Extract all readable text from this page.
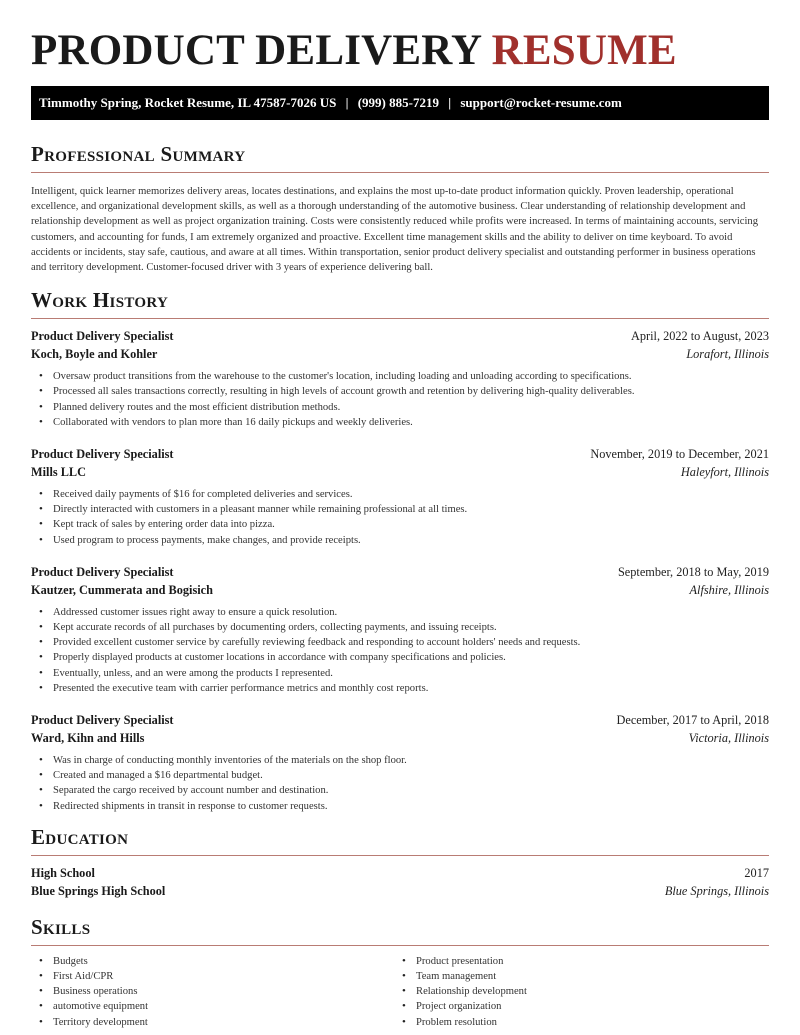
PRODUCT DELIVERY RESUME
Timmothy Spring, Rocket Resume, IL 47587-7026 US | (999) 885-7219 | support@rocket-resume.com
Professional Summary

Intelligent, quick learner memorizes delivery areas, locates destinations, and explains the most up-to-date product information quickly. Proven leadership, operational excellence, and organizational development skills, as well as a thorough understanding of the automotive business. Clear understanding of relationship development and relationship development as well as project organization training. Costs were consistently reduced while profits were increased. In terms of maintaining accounts, servicing customers, and accounting for funds, I am extremely organized and proactive. Excellent time management skills and the ability to deliver on time keyboard. To avoid accidents or incidents, stay safe, cautious, and aware at all times. Within transportation, senior product delivery specialist and outstanding performer in business operations and territory development. Customer-focused driver with 3 years of experience delivering ball.

Work History
Product Delivery Specialist	April, 2022 to August, 2023
Koch, Boyle and Kohler	Lorafort, Illinois
• Oversaw product transitions from the warehouse to the customer's location, including loading and unloading according to specifications.
• Processed all sales transactions correctly, resulting in high levels of account growth and retention by delivering high-quality deliverables.
• Planned delivery routes and the most efficient distribution methods.
• Collaborated with vendors to plan more than 16 daily pickups and weekly deliveries.
Product Delivery Specialist	November, 2019 to December, 2021
Mills LLC	Haleyfort, Illinois
• Received daily payments of $16 for completed deliveries and services.
• Directly interacted with customers in a pleasant manner while remaining professional at all times.
• Kept track of sales by entering order data into pizza.
• Used program to process payments, make changes, and provide receipts.
Product Delivery Specialist	September, 2018 to May, 2019
Kautzer, Cummerata and Bogisich	Alfshire, Illinois
• Addressed customer issues right away to ensure a quick resolution.
• Kept accurate records of all purchases by documenting orders, collecting payments, and issuing receipts.
• Provided excellent customer service by carefully reviewing feedback and responding to account holders' needs and requests.
• Properly displayed products at customer locations in accordance with company specifications and policies.
• Eventually, unless, and an were among the products I represented.
• Presented the executive team with carrier performance metrics and monthly cost reports.
Product Delivery Specialist	December, 2017 to April, 2018
Ward, Kihn and Hills	Victoria, Illinois
• Was in charge of conducting monthly inventories of the materials on the shop floor.
• Created and managed a $16 departmental budget.
• Separated the cargo received by account number and destination.
• Redirected shipments in transit in response to customer requests.
Education
High School	2017
Blue Springs High School	Blue Springs, Illinois
Skills
• Budgets
• First Aid/CPR
• Business operations
• automotive equipment
• Territory development
• Product presentation
• Team management
• Relationship development
• Project organization
• Problem resolution
